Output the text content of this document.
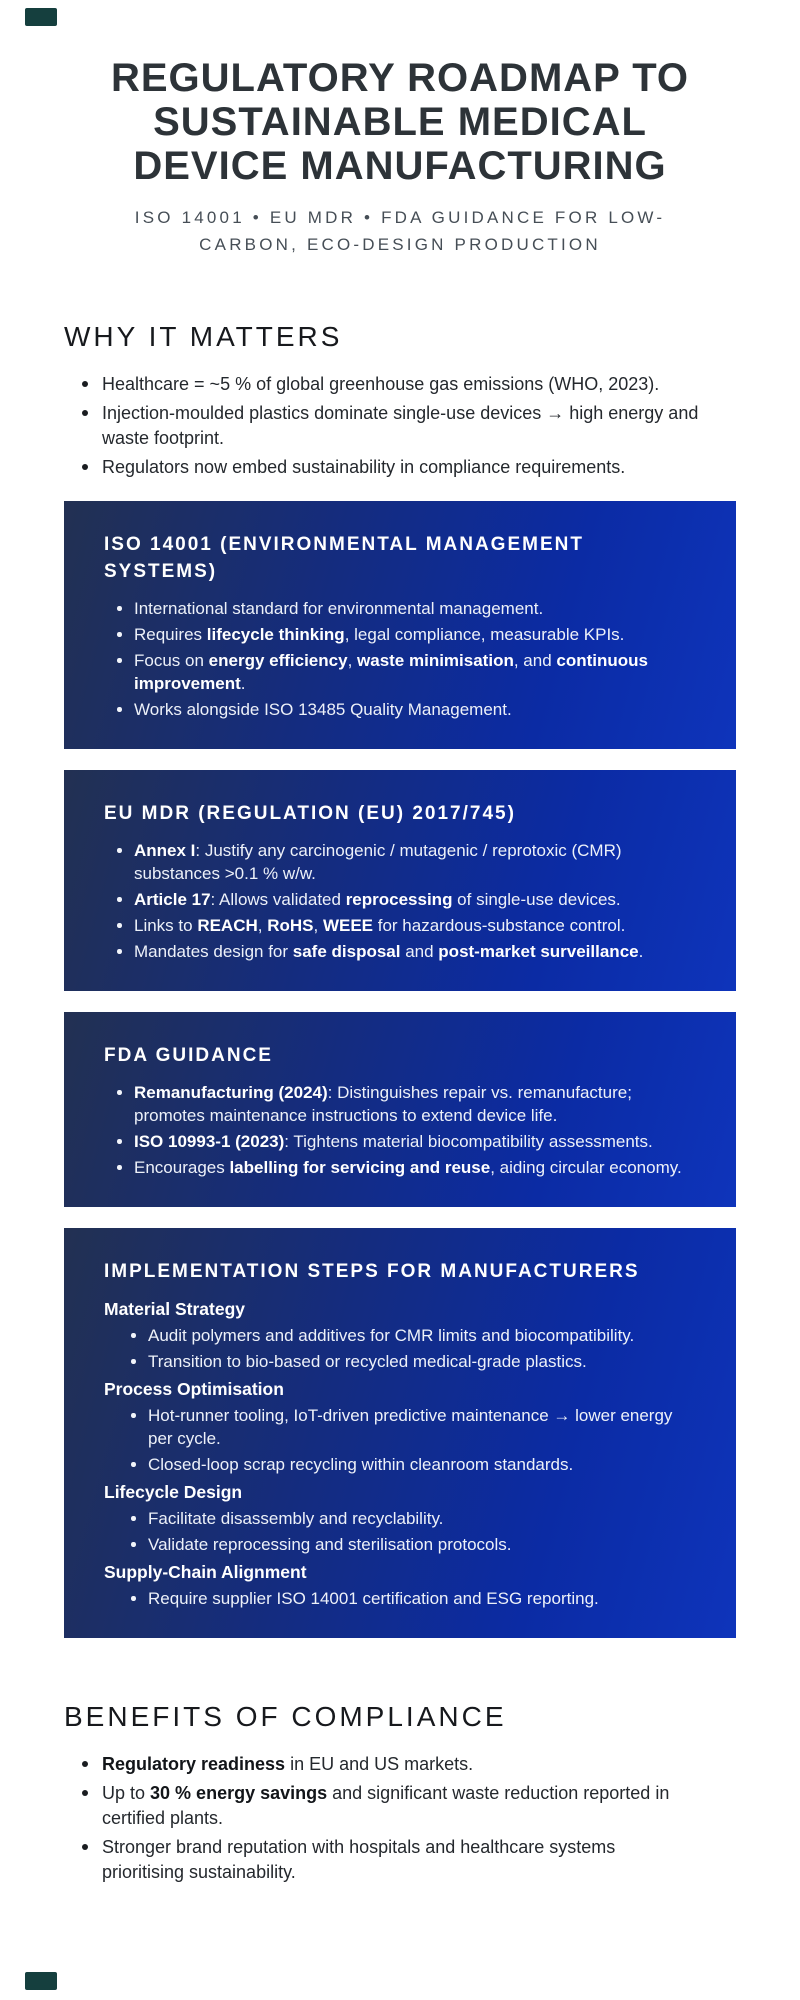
REGULATORY ROADMAP TO
SUSTAINABLE MEDICAL
DEVICE MANUFACTURING

ISO 14001 • EU MDR • FDA GUIDANCE FOR LOW-
CARBON, ECO-DESIGN PRODUCTION

WHY IT MATTERS
Healthcare = ~5 % of global greenhouse gas emissions (WHO, 2023).
Injection-moulded plastics dominate single-use devices → high energy and waste footprint.
Regulators now embed sustainability in compliance requirements.
ISO 14001 (ENVIRONMENTAL MANAGEMENT SYSTEMS)
International standard for environmental management.
Requires lifecycle thinking, legal compliance, measurable KPIs.
Focus on energy efficiency, waste minimisation, and continuous improvement.
Works alongside ISO 13485 Quality Management.
EU MDR (REGULATION (EU) 2017/745)
Annex I: Justify any carcinogenic / mutagenic / reprotoxic (CMR) substances >0.1 % w/w.
Article 17: Allows validated reprocessing of single-use devices.
Links to REACH, RoHS, WEEE for hazardous-substance control.
Mandates design for safe disposal and post-market surveillance.
FDA GUIDANCE
Remanufacturing (2024): Distinguishes repair vs. remanufacture; promotes maintenance instructions to extend device life.
ISO 10993-1 (2023): Tightens material biocompatibility assessments.
Encourages labelling for servicing and reuse, aiding circular economy.
IMPLEMENTATION STEPS FOR MANUFACTURERS

Material Strategy

Audit polymers and additives for CMR limits and biocompatibility.
Transition to bio-based or recycled medical-grade plastics.

Process Optimisation

Hot-runner tooling, IoT-driven predictive maintenance → lower energy per cycle.
Closed-loop scrap recycling within cleanroom standards.

Lifecycle Design

Facilitate disassembly and recyclability.
Validate reprocessing and sterilisation protocols.

Supply-Chain Alignment

Require supplier ISO 14001 certification and ESG reporting.
BENEFITS OF COMPLIANCE
Regulatory readiness in EU and US markets.
Up to 30 % energy savings and significant waste reduction reported in certified plants.
Stronger brand reputation with hospitals and healthcare systems prioritising sustainability.
